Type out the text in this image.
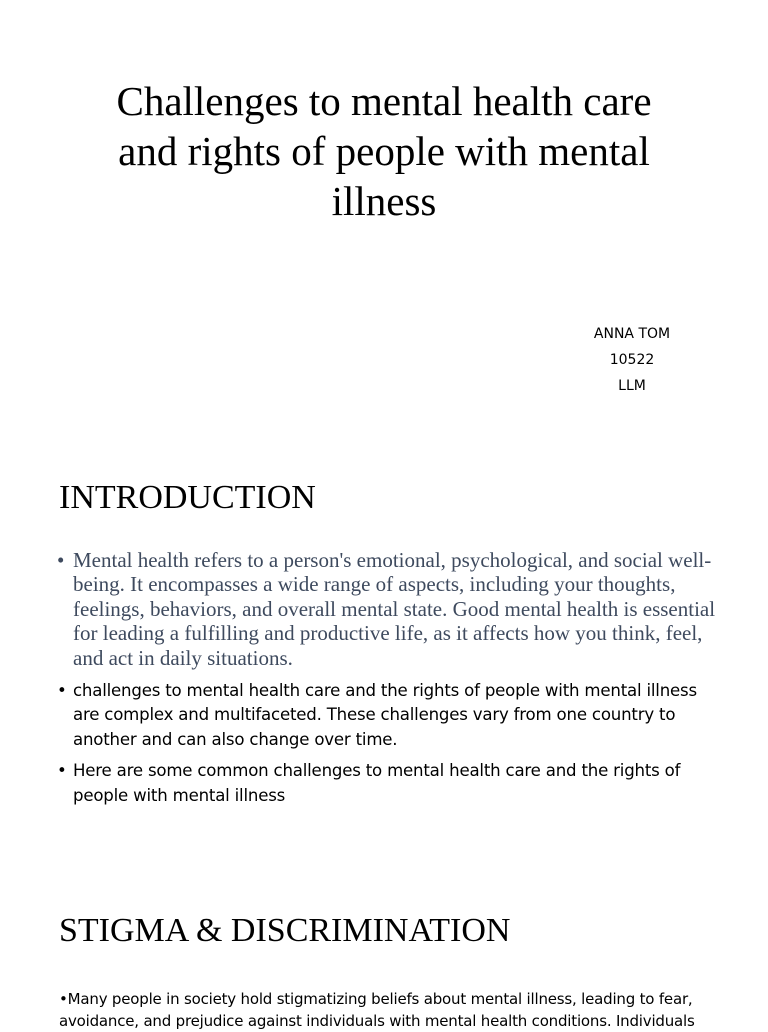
Challenges to mental health care and rights of people with mental illness
ANNA TOM
10522
LLM
INTRODUCTION
• Mental health refers to a person's emotional, psychological, and social well-being. It encompasses a wide range of aspects, including your thoughts, feelings, behaviors, and overall mental state. Good mental health is essential for leading a fulfilling and productive life, as it affects how you think, feel, and act in daily situations.
• challenges to mental health care and the rights of people with mental illness are complex and multifaceted. These challenges vary from one country to another and can also change over time.
• Here are some common challenges to mental health care and the rights of people with mental illness
STIGMA & DISCRIMINATION

•Many people in society hold stigmatizing beliefs about mental illness, leading to fear, avoidance, and prejudice against individuals with mental health conditions. Individuals
